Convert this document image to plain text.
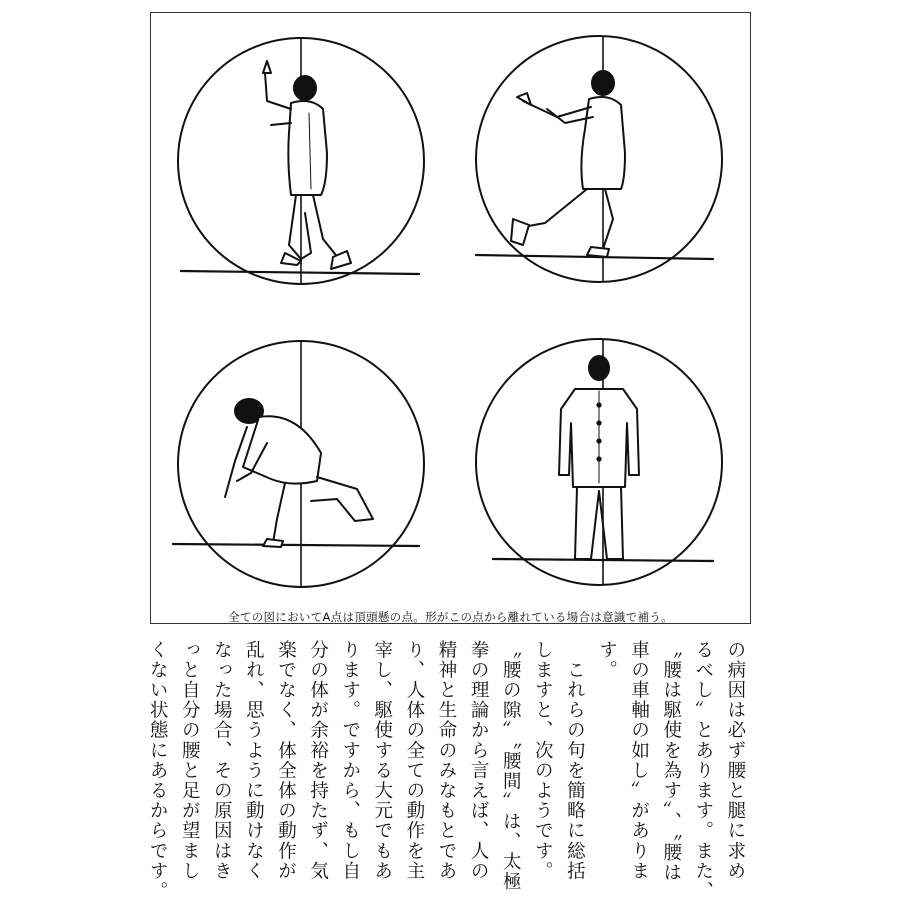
全ての図においてA点は頂頭懸の点。形がこの点から離れている場合は意識で補う。
の病因は必ず腰と腿に求め
るべし〟とあります。また、
〝腰は駆使を為す〟、〝腰は
車の車軸の如し〟がありま
す。
　これらの句を簡略に総括
しますと、次のようです。
〝腰の隙〟〝腰間〟は、太極
拳の理論から言えば、人の
精神と生命のみなもとであ
り、人体の全ての動作を主
宰し、駆使する大元でもあ
ります。ですから、もし自
分の体が余裕を持たず、気
楽でなく、体全体の動作が
乱れ、思うように動けなく
なった場合、その原因はき
っと自分の腰と足が望まし
くない状態にあるからです。
